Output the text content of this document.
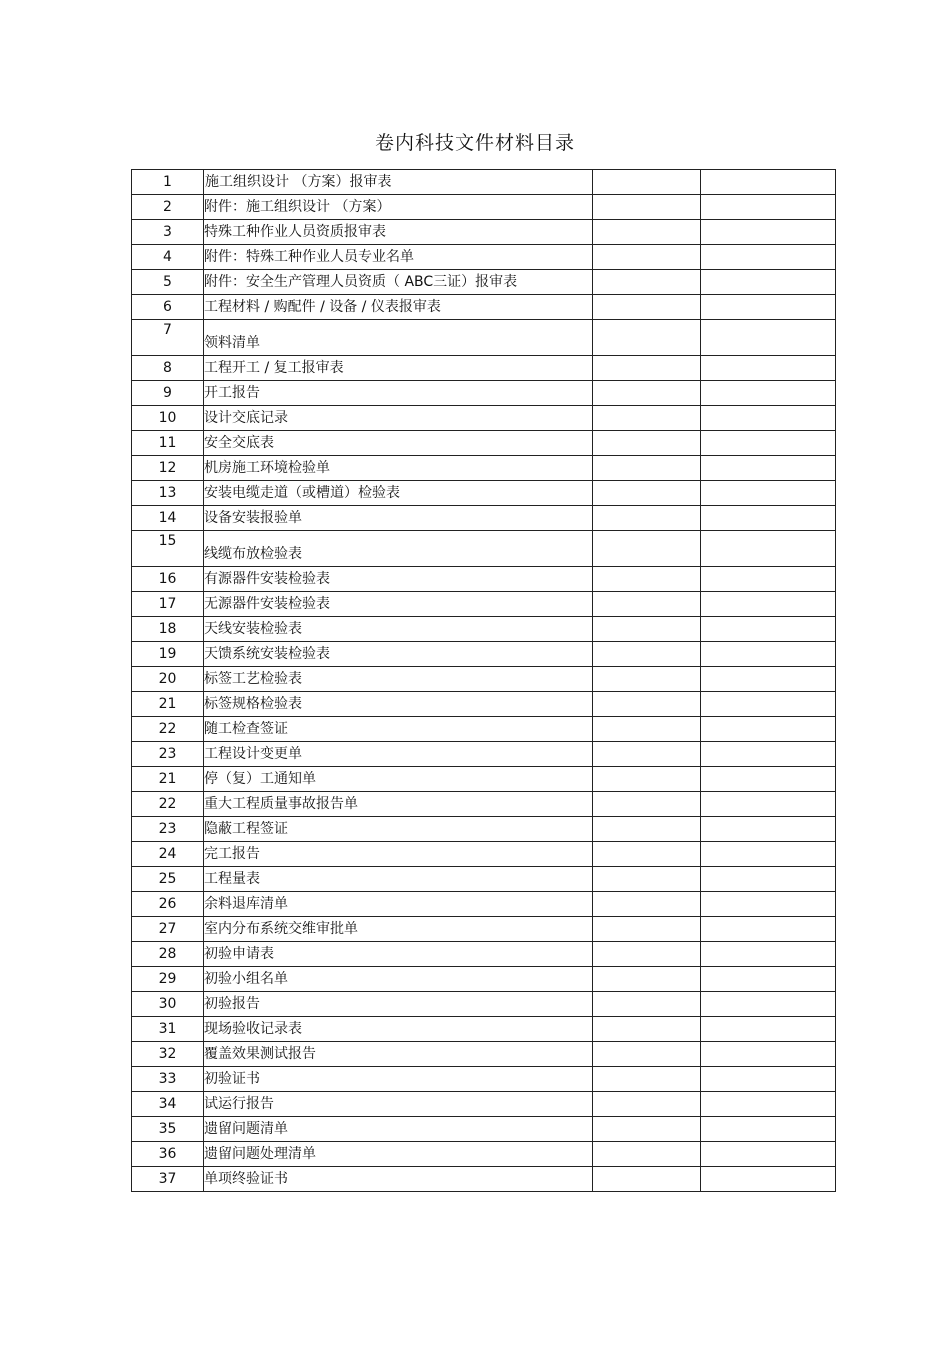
卷内科技文件材料目录
1	施工组织设计 （方案）报审表		
2	附件：施工组织设计 （方案）		
3	特殊工种作业人员资质报审表		
4	附件：特殊工种作业人员专业名单		
5	附件：安全生产管理人员资质（ ABC三证）报审表		
6	工程材料 / 购配件 / 设备 / 仪表报审表		
7	领料清单		
8	工程开工 / 复工报审表		
9	开工报告		
10	设计交底记录		
11	安全交底表		
12	机房施工环境检验单		
13	安装电缆走道（或槽道）检验表		
14	设备安装报验单		
15	线缆布放检验表		
16	有源器件安装检验表		
17	无源器件安装检验表		
18	天线安装检验表		
19	天馈系统安装检验表		
20	标签工艺检验表		
21	标签规格检验表		
22	随工检查签证		
23	工程设计变更单		
21	停（复）工通知单		
22	重大工程质量事故报告单		
23	隐蔽工程签证		
24	完工报告		
25	工程量表		
26	余料退库清单		
27	室内分布系统交维审批单		
28	初验申请表		
29	初验小组名单		
30	初验报告		
31	现场验收记录表		
32	覆盖效果测试报告		
33	初验证书		
34	试运行报告		
35	遗留问题清单		
36	遗留问题处理清单		
37	单项终验证书		
